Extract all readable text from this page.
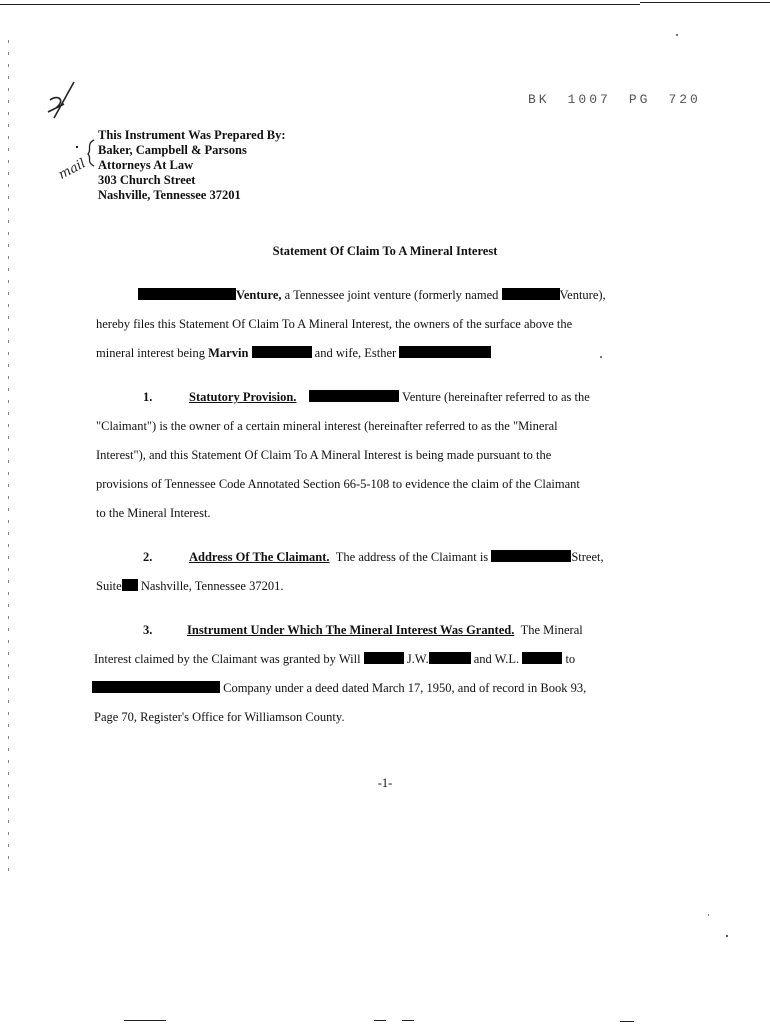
BK 1007 PG 720
mail
This Instrument Was Prepared By:
Baker, Campbell & Parsons
Attorneys At Law
303 Church Street
Nashville, Tennessee 37201
Statement Of Claim To A Mineral Interest
Venture, a Tennessee joint venture (formerly named	Venture),
hereby files this Statement Of Claim To A Mineral Interest, the owners of the surface above the
mineral interest being Marvin	and wife, Esther
1.	Statutory Provision.	Venture (hereinafter referred to as the
"Claimant") is the owner of a certain mineral interest (hereinafter referred to as the "Mineral
Interest"), and this Statement Of Claim To A Mineral Interest is being made pursuant to the
provisions of Tennessee Code Annotated Section 66-5-108 to evidence the claim of the Claimant
to the Mineral Interest.
2.	Address Of The Claimant. The address of the Claimant is	Street,
Suite Nashville, Tennessee 37201.
3.	Instrument Under Which The Mineral Interest Was Granted. The Mineral
Interest claimed by the Claimant was granted by Will	J.W.	and W.L.	to
Company under a deed dated March 17, 1950, and of record in Book 93,
Page 70, Register's Office for Williamson County.
-1-
